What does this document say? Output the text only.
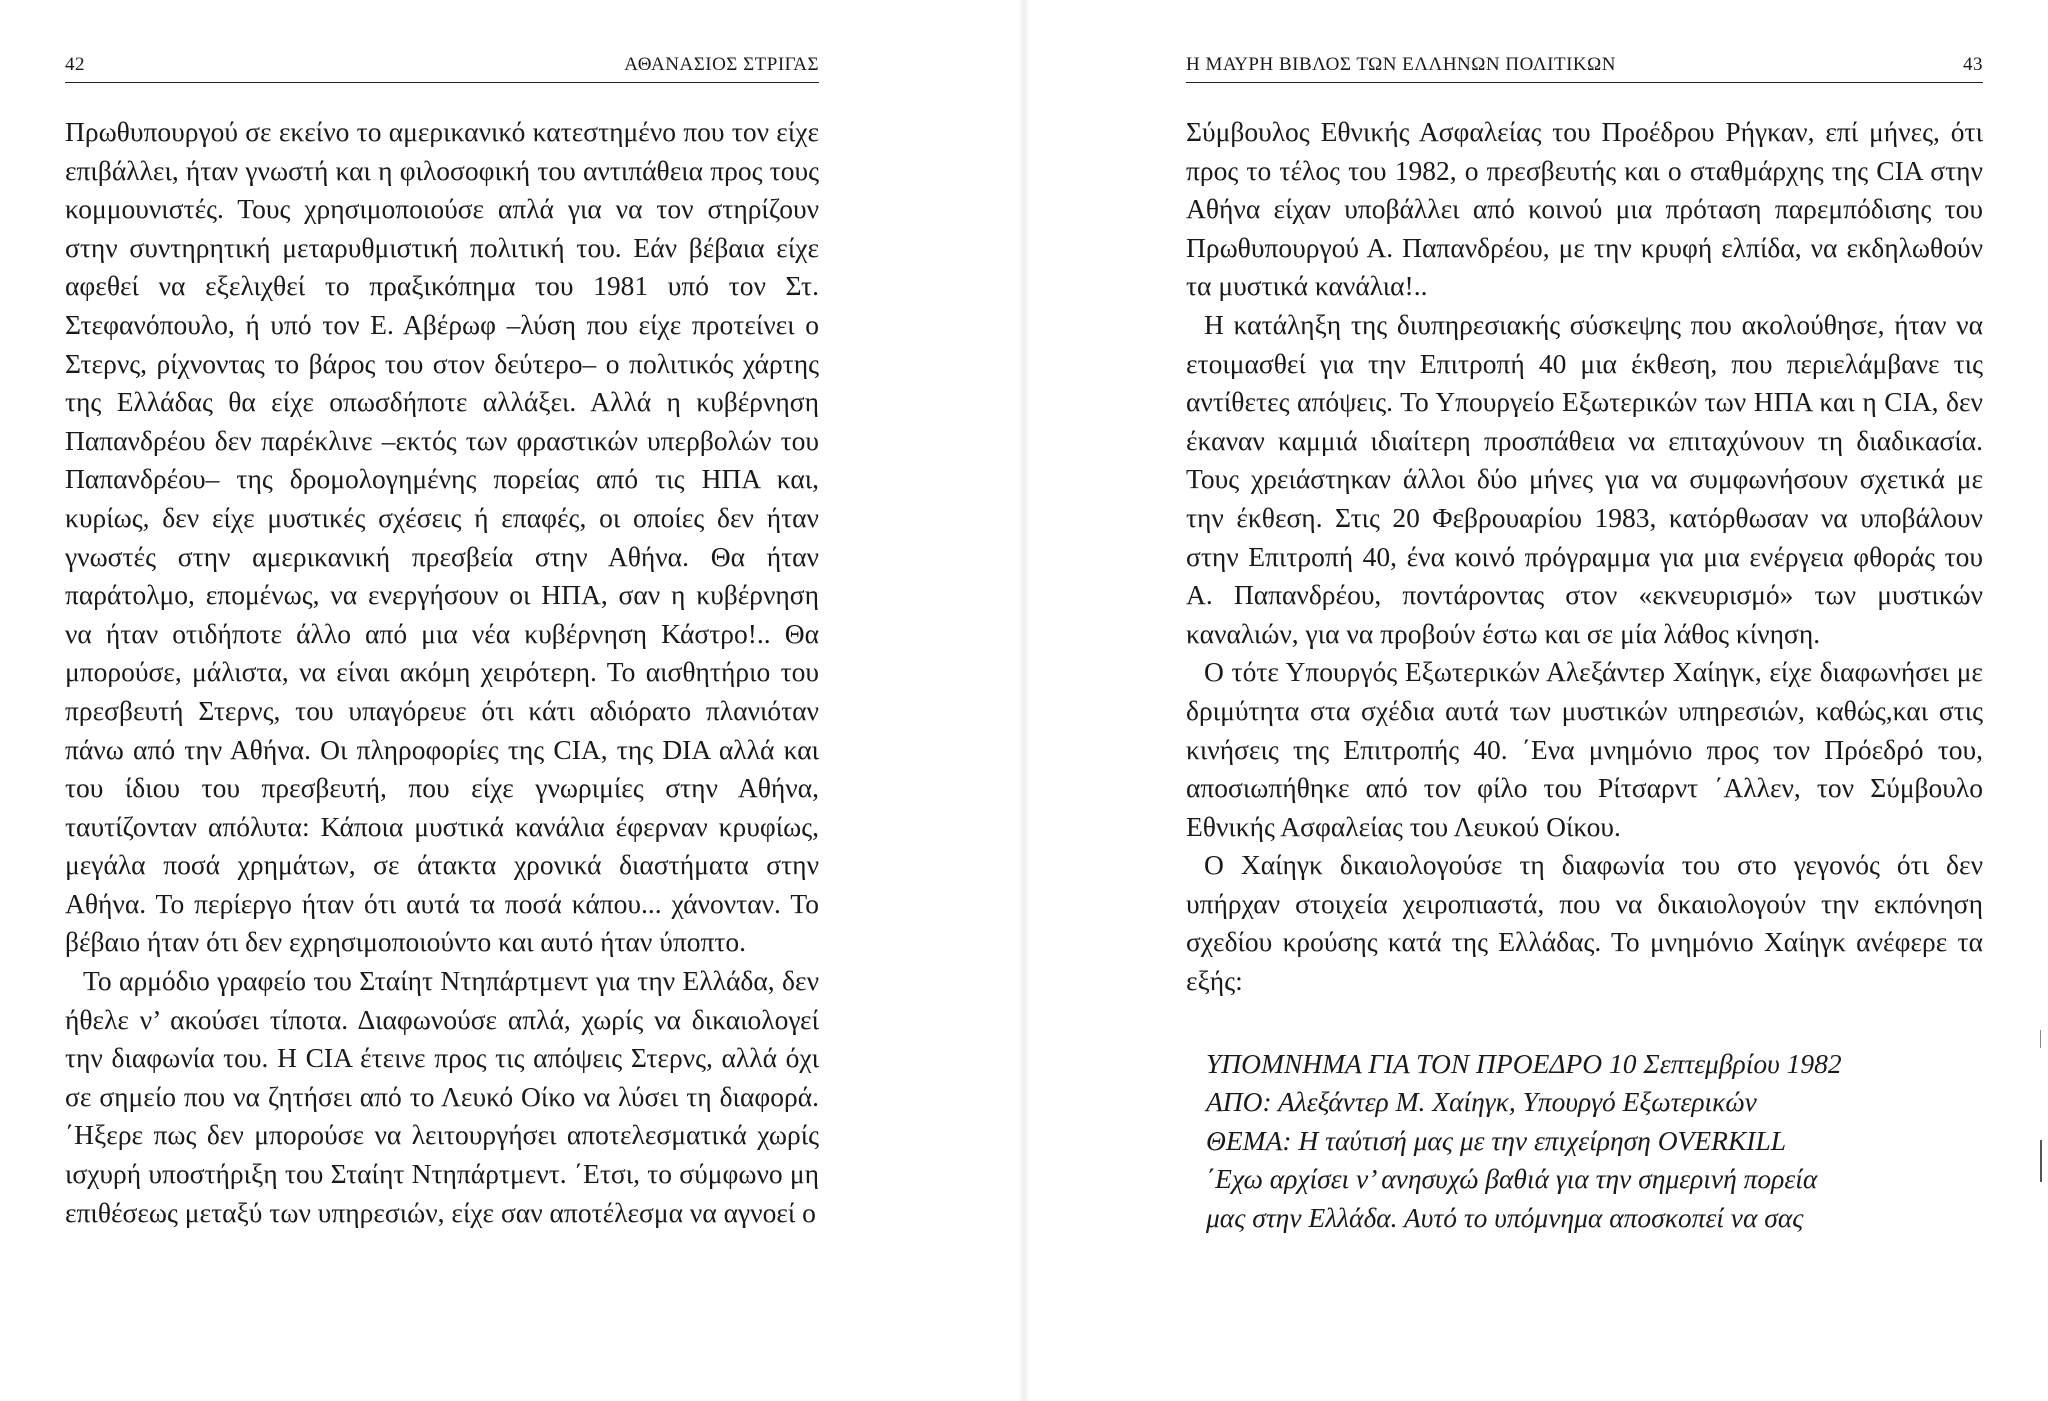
42	ΑΘΑΝΑΣΙΟΣ ΣΤΡΙΓΑΣ

Πρωθυπουργού σε εκείνο το αμερικανικό κατεστημένο που τον είχε επιβάλλει, ήταν γνωστή και η φιλοσοφική του αντιπάθεια προς τους κομμουνιστές. Τους χρησιμοποιούσε απλά για να τον στηρίζουν στην συντηρητική μεταρυθμιστική πολιτική του. Εάν βέβαια είχε αφεθεί να εξελιχθεί το πραξικόπημα του 1981 υπό τον Στ. Στεφανόπουλο, ή υπό τον Ε. Αβέρωφ –λύση που είχε προτείνει ο Στερνς, ρίχνοντας το βάρος του στον δεύτερο– ο πολιτικός χάρτης της Ελλάδας θα είχε οπωσδήποτε αλλάξει. Αλλά η κυβέρνηση Παπανδρέου δεν παρέκλινε –εκτός των φραστικών υπερβολών του Παπανδρέου– της δρομολογημένης πορείας από τις ΗΠΑ και, κυρίως, δεν είχε μυστικές σχέσεις ή επαφές, οι οποίες δεν ήταν γνωστές στην αμερικανική πρεσβεία στην Αθήνα. Θα ήταν παράτολμο, επομένως, να ενεργήσουν οι ΗΠΑ, σαν η κυβέρνηση να ήταν οτιδήποτε άλλο από μια νέα κυβέρνηση Κάστρο!.. Θα μπορούσε, μάλιστα, να είναι ακόμη χειρότερη. Το αισθητήριο του πρεσβευτή Στερνς, του υπαγόρευε ότι κάτι αδιόρατο πλανιόταν πάνω από την Αθήνα. Οι πληροφορίες της CIA, της DIA αλλά και του ίδιου του πρεσβευτή, που είχε γνωριμίες στην Αθήνα, ταυτίζονταν απόλυτα: Κάποια μυστικά κανάλια έφερναν κρυφίως, μεγάλα ποσά χρημάτων, σε άτακτα χρονικά διαστήματα στην Αθήνα. Το περίεργο ήταν ότι αυτά τα ποσά κάπου... χάνονταν. Το βέβαιο ήταν ότι δεν εχρησιμοποιούντο και αυτό ήταν ύποπτο.

Το αρμόδιο γραφείο του Σταίητ Ντηπάρτμεντ για την Ελλάδα, δεν ήθελε ν’ ακούσει τίποτα. Διαφωνούσε απλά, χωρίς να δικαιολογεί την διαφωνία του. Η CIA έτεινε προς τις απόψεις Στερνς, αλλά όχι σε σημείο που να ζητήσει από το Λευκό Οίκο να λύσει τη διαφορά. ΄Ηξερε πως δεν μπορούσε να λειτουργήσει αποτελεσματικά χωρίς ισχυρή υποστήριξη του Σταίητ Ντηπάρτμεντ. ΄Ετσι, το σύμφωνο μη επιθέσεως μεταξύ των υπηρεσιών, είχε σαν αποτέλεσμα να αγνοεί ο

Η ΜΑΥΡΗ ΒΙΒΛΟΣ ΤΩΝ ΕΛΛΗΝΩΝ ΠΟΛΙΤΙΚΩΝ	43

Σύμβουλος Εθνικής Ασφαλείας του Προέδρου Ρήγκαν, επί μήνες, ότι προς το τέλος του 1982, ο πρεσβευτής και ο σταθμάρχης της CIA στην Αθήνα είχαν υποβάλλει από κοινού μια πρόταση παρεμπόδισης του Πρωθυπουργού Α. Παπανδρέου, με την κρυφή ελπίδα, να εκδηλωθούν τα μυστικά κανάλια!..

Η κατάληξη της διυπηρεσιακής σύσκεψης που ακολούθησε, ήταν να ετοιμασθεί για την Επιτροπή 40 μια έκθεση, που περιελάμβανε τις αντίθετες απόψεις. Το Υπουργείο Εξωτερικών των ΗΠΑ και η CIA, δεν έκαναν καμμιά ιδιαίτερη προσπάθεια να επιταχύνουν τη διαδικασία. Τους χρειάστηκαν άλλοι δύο μήνες για να συμφωνήσουν σχετικά με την έκθεση. Στις 20 Φεβρουαρίου 1983, κατόρθωσαν να υποβάλουν στην Επιτροπή 40, ένα κοινό πρόγραμμα για μια ενέργεια φθοράς του Α. Παπανδρέου, ποντάροντας στον «εκνευρισμό» των μυστικών καναλιών, για να προβούν έστω και σε μία λάθος κίνηση.

Ο τότε Υπουργός Εξωτερικών Αλεξάντερ Χαίηγκ, είχε διαφωνήσει με δριμύτητα στα σχέδια αυτά των μυστικών υπηρεσιών, καθώς,και στις κινήσεις της Επιτροπής 40. ΄Ενα μνημόνιο προς τον Πρόεδρό του, αποσιωπήθηκε από τον φίλο του Ρίτσαρντ ΄Αλλεν, τον Σύμβουλο Εθνικής Ασφαλείας του Λευκού Οίκου.

Ο Χαίηγκ δικαιολογούσε τη διαφωνία του στο γεγονός ότι δεν υπήρχαν στοιχεία χειροπιαστά, που να δικαιολογούν την εκπόνηση σχεδίου κρούσης κατά της Ελλάδας. Το μνημόνιο Χαίηγκ ανέφερε τα εξής:

ΥΠΟΜΝΗΜΑ ΓΙΑ ΤΟΝ ΠΡΟΕΔΡΟ 10 Σεπτεμβρίου 1982
ΑΠΟ: Αλεξάντερ Μ. Χαίηγκ, Υπουργό Εξωτερικών
ΘΕΜΑ: Η ταύτισή μας με την επιχείρηση OVERKILL
΄Εχω αρχίσει ν’ ανησυχώ βαθιά για την σημερινή πορεία
μας στην Ελλάδα. Αυτό το υπόμνημα αποσκοπεί να σας
